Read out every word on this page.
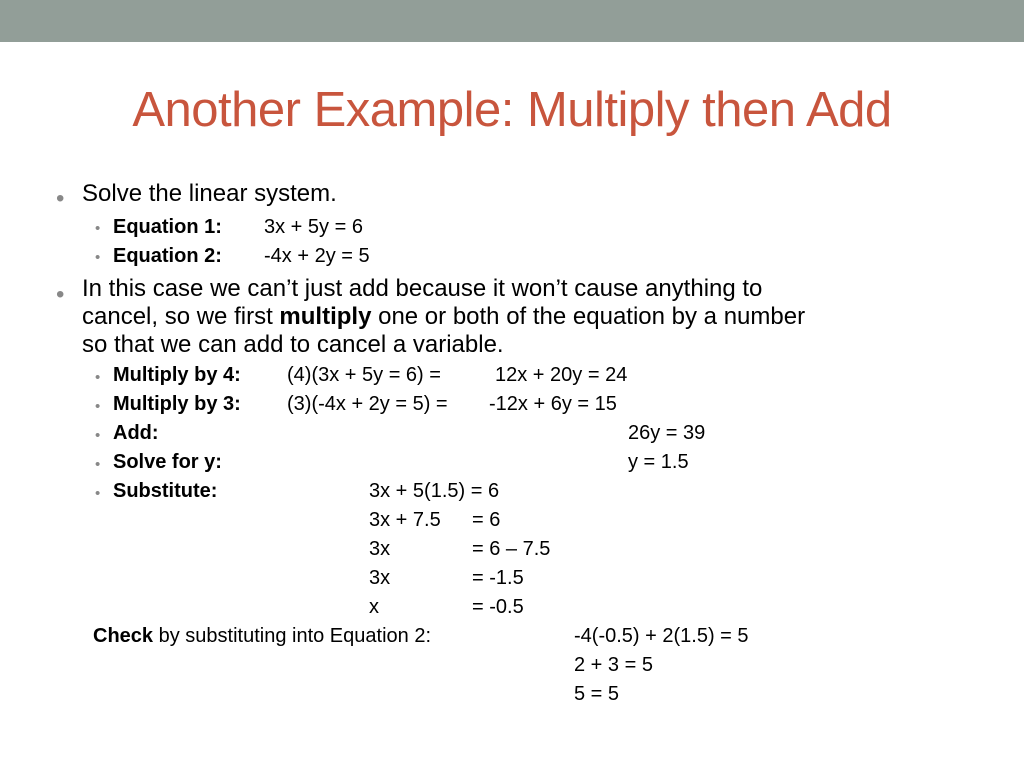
Another Example: Multiply then Add
• Solve the linear system.
• Equation 1: 3x + 5y = 6
• Equation 2: -4x + 2y = 5
• In this case we can’t just add because it won’t cause anything to
cancel, so we first multiply one or both of the equation by a number
so that we can add to cancel a variable.
• Multiply by 4: (4)(3x + 5y = 6) =	12x + 20y = 24
• Multiply by 3: (3)(-4x + 2y = 5) = -12x + 6y = 15
• Add:	26y = 39
• Solve for y:	y = 1.5
• Substitute:	3x + 5(1.5) = 6
3x + 7.5 = 6
3x	= 6 – 7.5
3x	= -1.5
x	= -0.5
Check by substituting into Equation 2:	-4(-0.5) + 2(1.5) = 5
2 + 3 = 5
5 = 5
